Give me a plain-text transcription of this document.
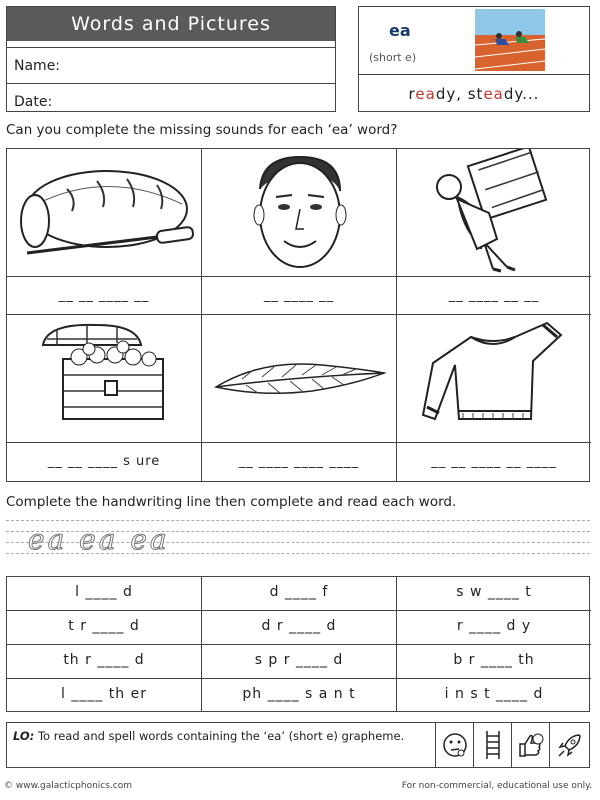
Words and Pictures
Name:
Date:
ea
(short e)
ready, steady...
Can you complete the missing sounds for each ‘ea’ word?
__ __ ____ __	__ ____ __	__ ____ __ __
__ __ ____ s ure	__ ____ ____ ____	__ __ ____ __ ____
Complete the handwriting line then complete and read each word.
ea ea ea
l ____ d	d ____ f	s w ____ t
t r ____ d	d r ____ d	r ____ d y
th r ____ d	s p r ____ d	b r ____ th
l ____ th er	ph ____ s a n t	i n s t ____ d
LO: To read and spell words containing the ‘ea’ (short e) grapheme.
© www.galacticphonics.com	For non-commercial, educational use only.
